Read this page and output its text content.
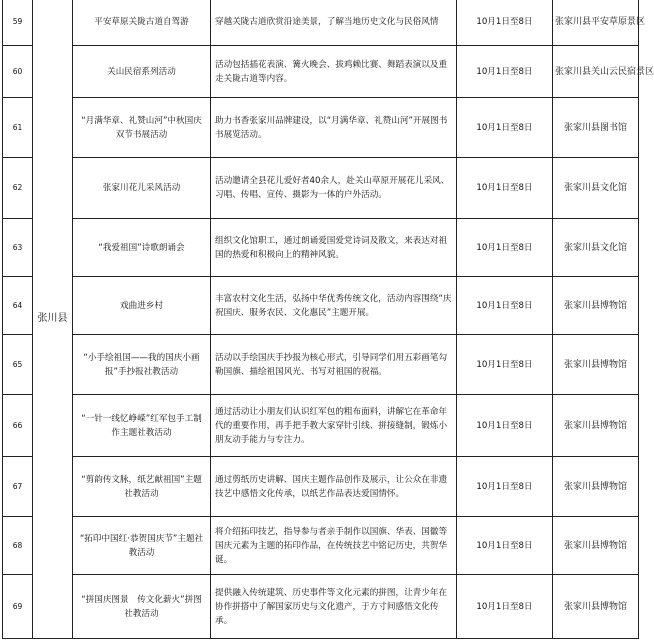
59	张川县	平安草原关陇古道自驾游	穿越关陇古道欣赏沿途美景，了解当地历史文化与民俗风情	10月1日至8日	张家川县平安草原景区
60		关山民宿系列活动	活动包括插花表演、篝火晚会、拔鸡赖比赛、舞蹈表演以及重走关陇古道等内容。	10月1日至8日	张家川县关山云民宿景区
61		“月满华章、礼赞山河”中秋国庆双节书展活动	助力书香张家川品牌建设，以“月满华章、礼赞山河”开展图书书展览活动。	10月1日至8日	张家川县图书馆
62		张家川花儿采风活动	活动邀请全县花儿爱好者40余人，赴关山草原开展花儿采风、习唱、传唱、宣传、摄影为一体的户外活动。	10月1日至8日	张家川县文化馆
63		“我爱祖国”诗歌朗诵会	组织文化馆职工，通过朗诵爱国爱党诗词及散文，来表达对祖国的热爱和积极向上的精神风貌。	10月1日至8日	张家川县文化馆
64		戏曲进乡村	丰富农村文化生活，弘扬中华优秀传统文化，活动内容围绕“庆祝国庆、服务农民、文化惠民”主题开展。	10月1日至8日	张家川县博物馆
65		“小手绘祖国——我的国庆小画报”手抄报社教活动	活动以手绘国庆手抄报为核心形式，引导同学们用五彩画笔勾勒国旗、描绘祖国风光、书写对祖国的祝福。	10月1日至8日	张家川县博物馆
66		“一针一线忆峥嵘”红军包手工制作主题社教活动	通过活动让小朋友们认识红军包的粗布面料，讲解它在革命年代的重要作用，再手把手教大家穿针引线、拼接缝制，锻炼小朋友动手能力与专注力。	10月1日至8日	张家川县博物馆
67		“剪韵传文脉，纸艺献祖国”主题社教活动	通过剪纸历史讲解、国庆主题作品创作及展示，让公众在非遗技艺中感悟文化传承，以纸艺作品表达爱国情怀。	10月1日至8日	张家川县博物馆
68		“拓印中国红·恭贺国庆节”主题社教活动	将介绍拓印技艺，指导参与者亲手制作以国旗、华表、国徽等国庆元素为主题的拓印作品，在传统技艺中铭记历史，共贺华诞。	10月1日至8日	张家川县博物馆
69		“拼国庆图景　传文化薪火”拼图社教活动	提供融入传统建筑、历史事件等文化元素的拼图，让青少年在协作拼搭中了解国家历史与文化遗产，于方寸间感悟文化传承。	10月1日至8日	张家川县博物馆
